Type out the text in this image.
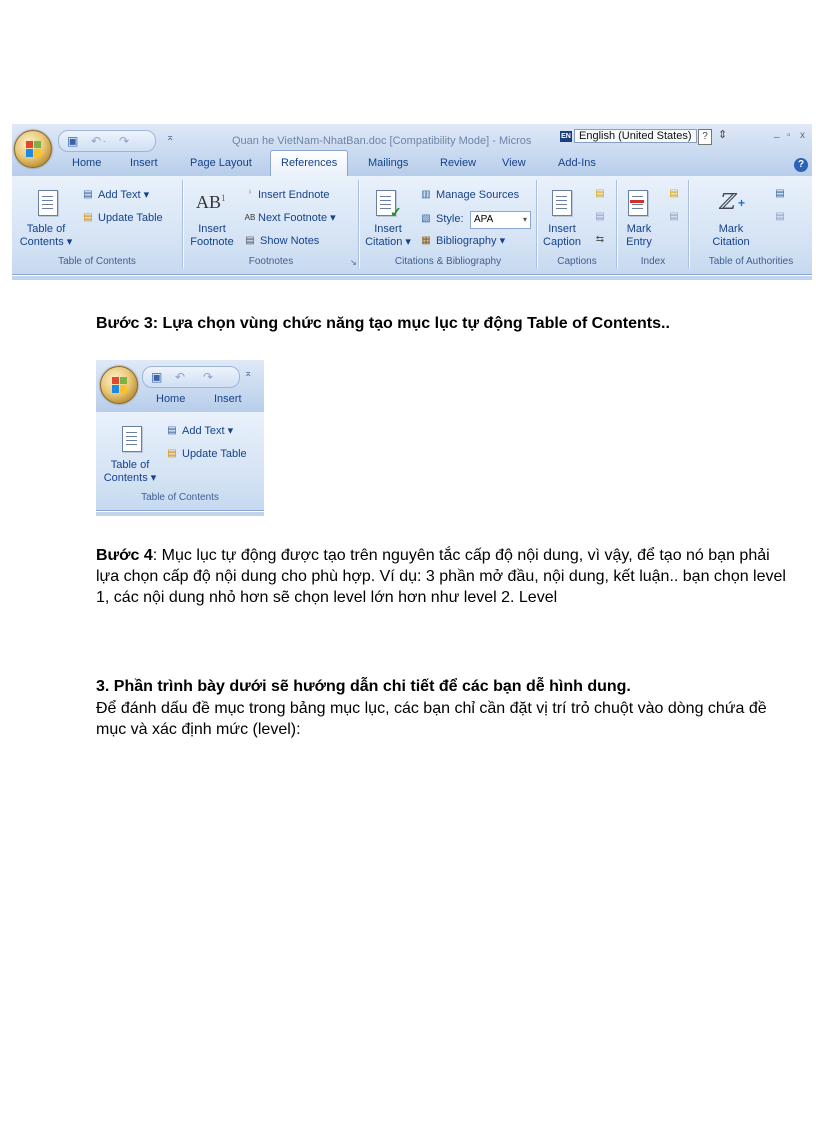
▣ ↶ - ↷	⌅	Quan he VietNam-NhatBan.doc [Compatibility Mode] - Micros	EN English (United States)	? ⇕	– ▫ x
Home	Insert	Page Layout	References	Mailings	Review View	Add-Ins	?
Table of
Contents ▾
▤ Add Text ▾
▤ Update Table
Table of Contents
$AB^1$
Insert
Footnote
ⁱ Insert Endnote
AB Next Footnote ▾
▤ Show Notes
Footnotes	↘
✓
Insert
Citation ▾
▥ Manage Sources
▧ Style:	APA	▾
▦ Bibliography ▾
Citations & Bibliography
Insert
Caption
▤
▤
⇆
Captions
Mark
Entry
▤
▤
Index
ℤ +
Mark
Citation
▤
▤
Table of Authorities
Bước 3: Lựa chọn vùng chức năng tạo mục lục tự động Table of Contents..
▣ ↶ ↷	⌅
Home	Insert
Table of
Contents ▾
▤ Add Text ▾
▤ Update Table
Table of Contents
Bước 4: Mục lục tự động được tạo trên nguyên tắc cấp độ nội dung, vì vậy, để tạo nó bạn phải lựa chọn cấp độ nội dung cho phù hợp. Ví dụ: 3 phần mở đầu, nội dung, kết luận.. bạn chọn level 1, các nội dung nhỏ hơn sẽ chọn level lớn hơn như level 2. Level
3. Phần trình bày dưới sẽ hướng dẫn chi tiết để các bạn dễ hình dung.
Để đánh dấu đề mục trong bảng mục lục, các bạn chỉ cần đặt vị trí trỏ chuột vào dòng chứa đề mục và xác định mức (level):
